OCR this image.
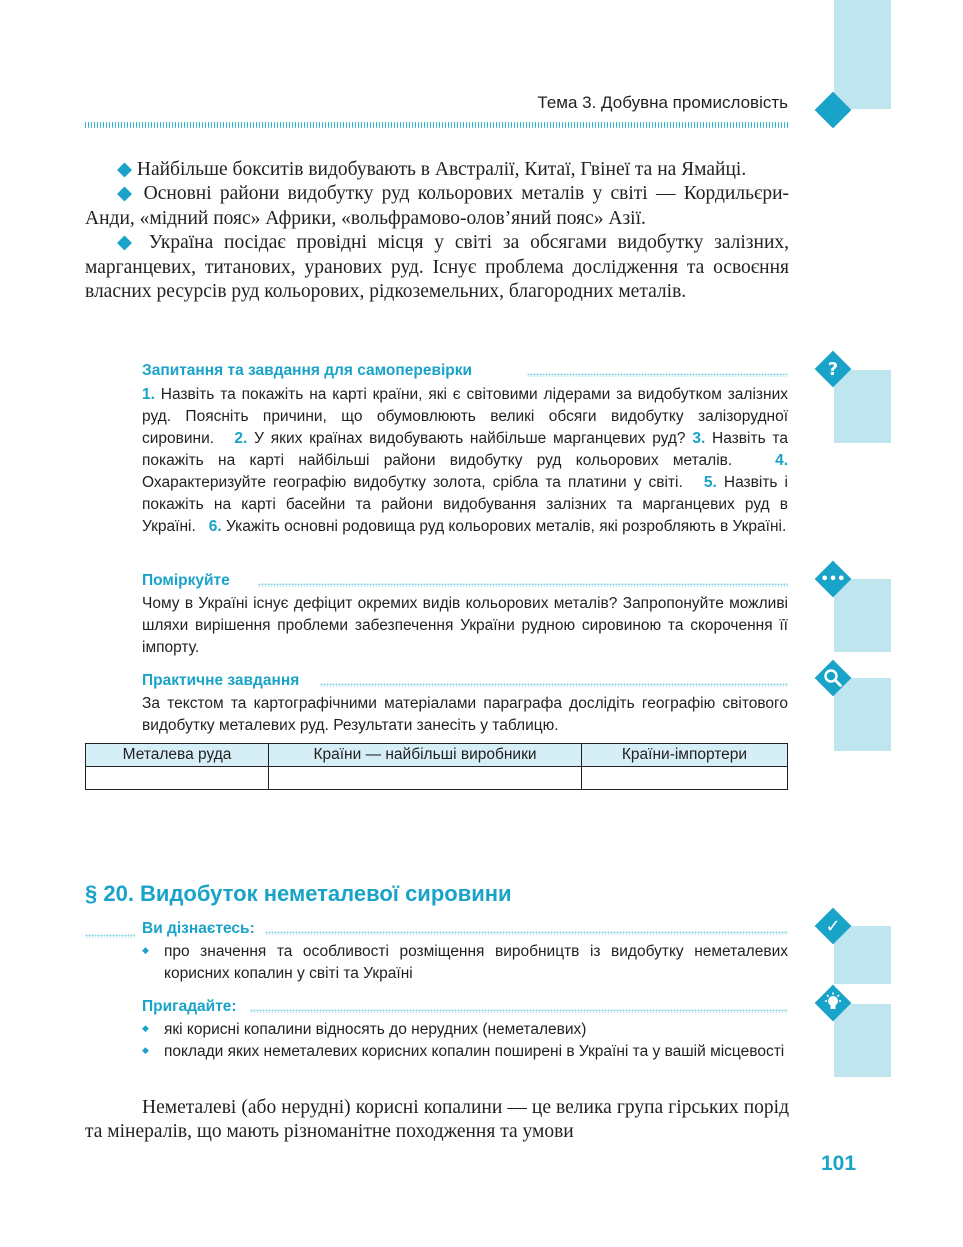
Тема 3. Добувна промисловість

◆ Найбільше бокситів видобувають в Австралії, Китаї, Гвінеї та на Ямайці.

◆ Основні райони видобутку руд кольорових металів у світі — Кордильєри-Анди, «мідний пояс» Африки, «вольфрамово-олов’яний пояс» Азії.

◆ Україна посідає провідні місця у світі за обсягами видобутку залізних, марганцевих, титанових, уранових руд. Існує проблема дослідження та освоєння власних ресурсів руд кольорових, рідкоземельних, благородних металів.

Запитання та завдання для самоперевірки	?
1. Назвіть та покажіть на карті країни, які є світовими лідерами за видобутком залізних руд. Поясніть причини, що обумовлюють великі обсяги видобутку залізорудної сировини. 2. У яких країнах видобувають найбільше марганцевих руд? 3. Назвіть та покажіть на карті найбільші райони видобутку руд кольорових металів.	4. Охарактеризуйте географію видобутку золота, срібла та платини у світі. 5. Назвіть і покажіть на карті басейни та райони видобування залізних та марганцевих руд в Україні. 6. Укажіть основні родовища руд кольорових металів, які розробляють в Україні.
Поміркуйте	•••
Чому в Україні існує дефіцит окремих видів кольорових металів? Запропонуйте можливі шляхи вирішення проблеми забезпечення України рудною сировиною та скорочення її імпорту.
Практичне завдання
За текстом та картографічними матеріалами параграфа дослідіть географію світового видобутку металевих руд. Результати занесіть у таблицю.
Металева руда	Країни — найбільші виробники	Країни-імпортери

§ 20. Видобуток неметалевої сировини
Ви дізнаєтесь:	✓
◆ про значення та особливості розміщення виробництв із видобутку неметалевих корисних копалин у світі та Україні
Пригадайте:
◆ які корисні копалини відносять до нерудних (неметалевих)
◆ поклади яких неметалевих корисних копалин поширені в Україні та у вашій місцевості

Неметалеві (або нерудні) корисні копалини — це велика група гірських порід та мінералів, що мають різноманітне походження та умови

101
